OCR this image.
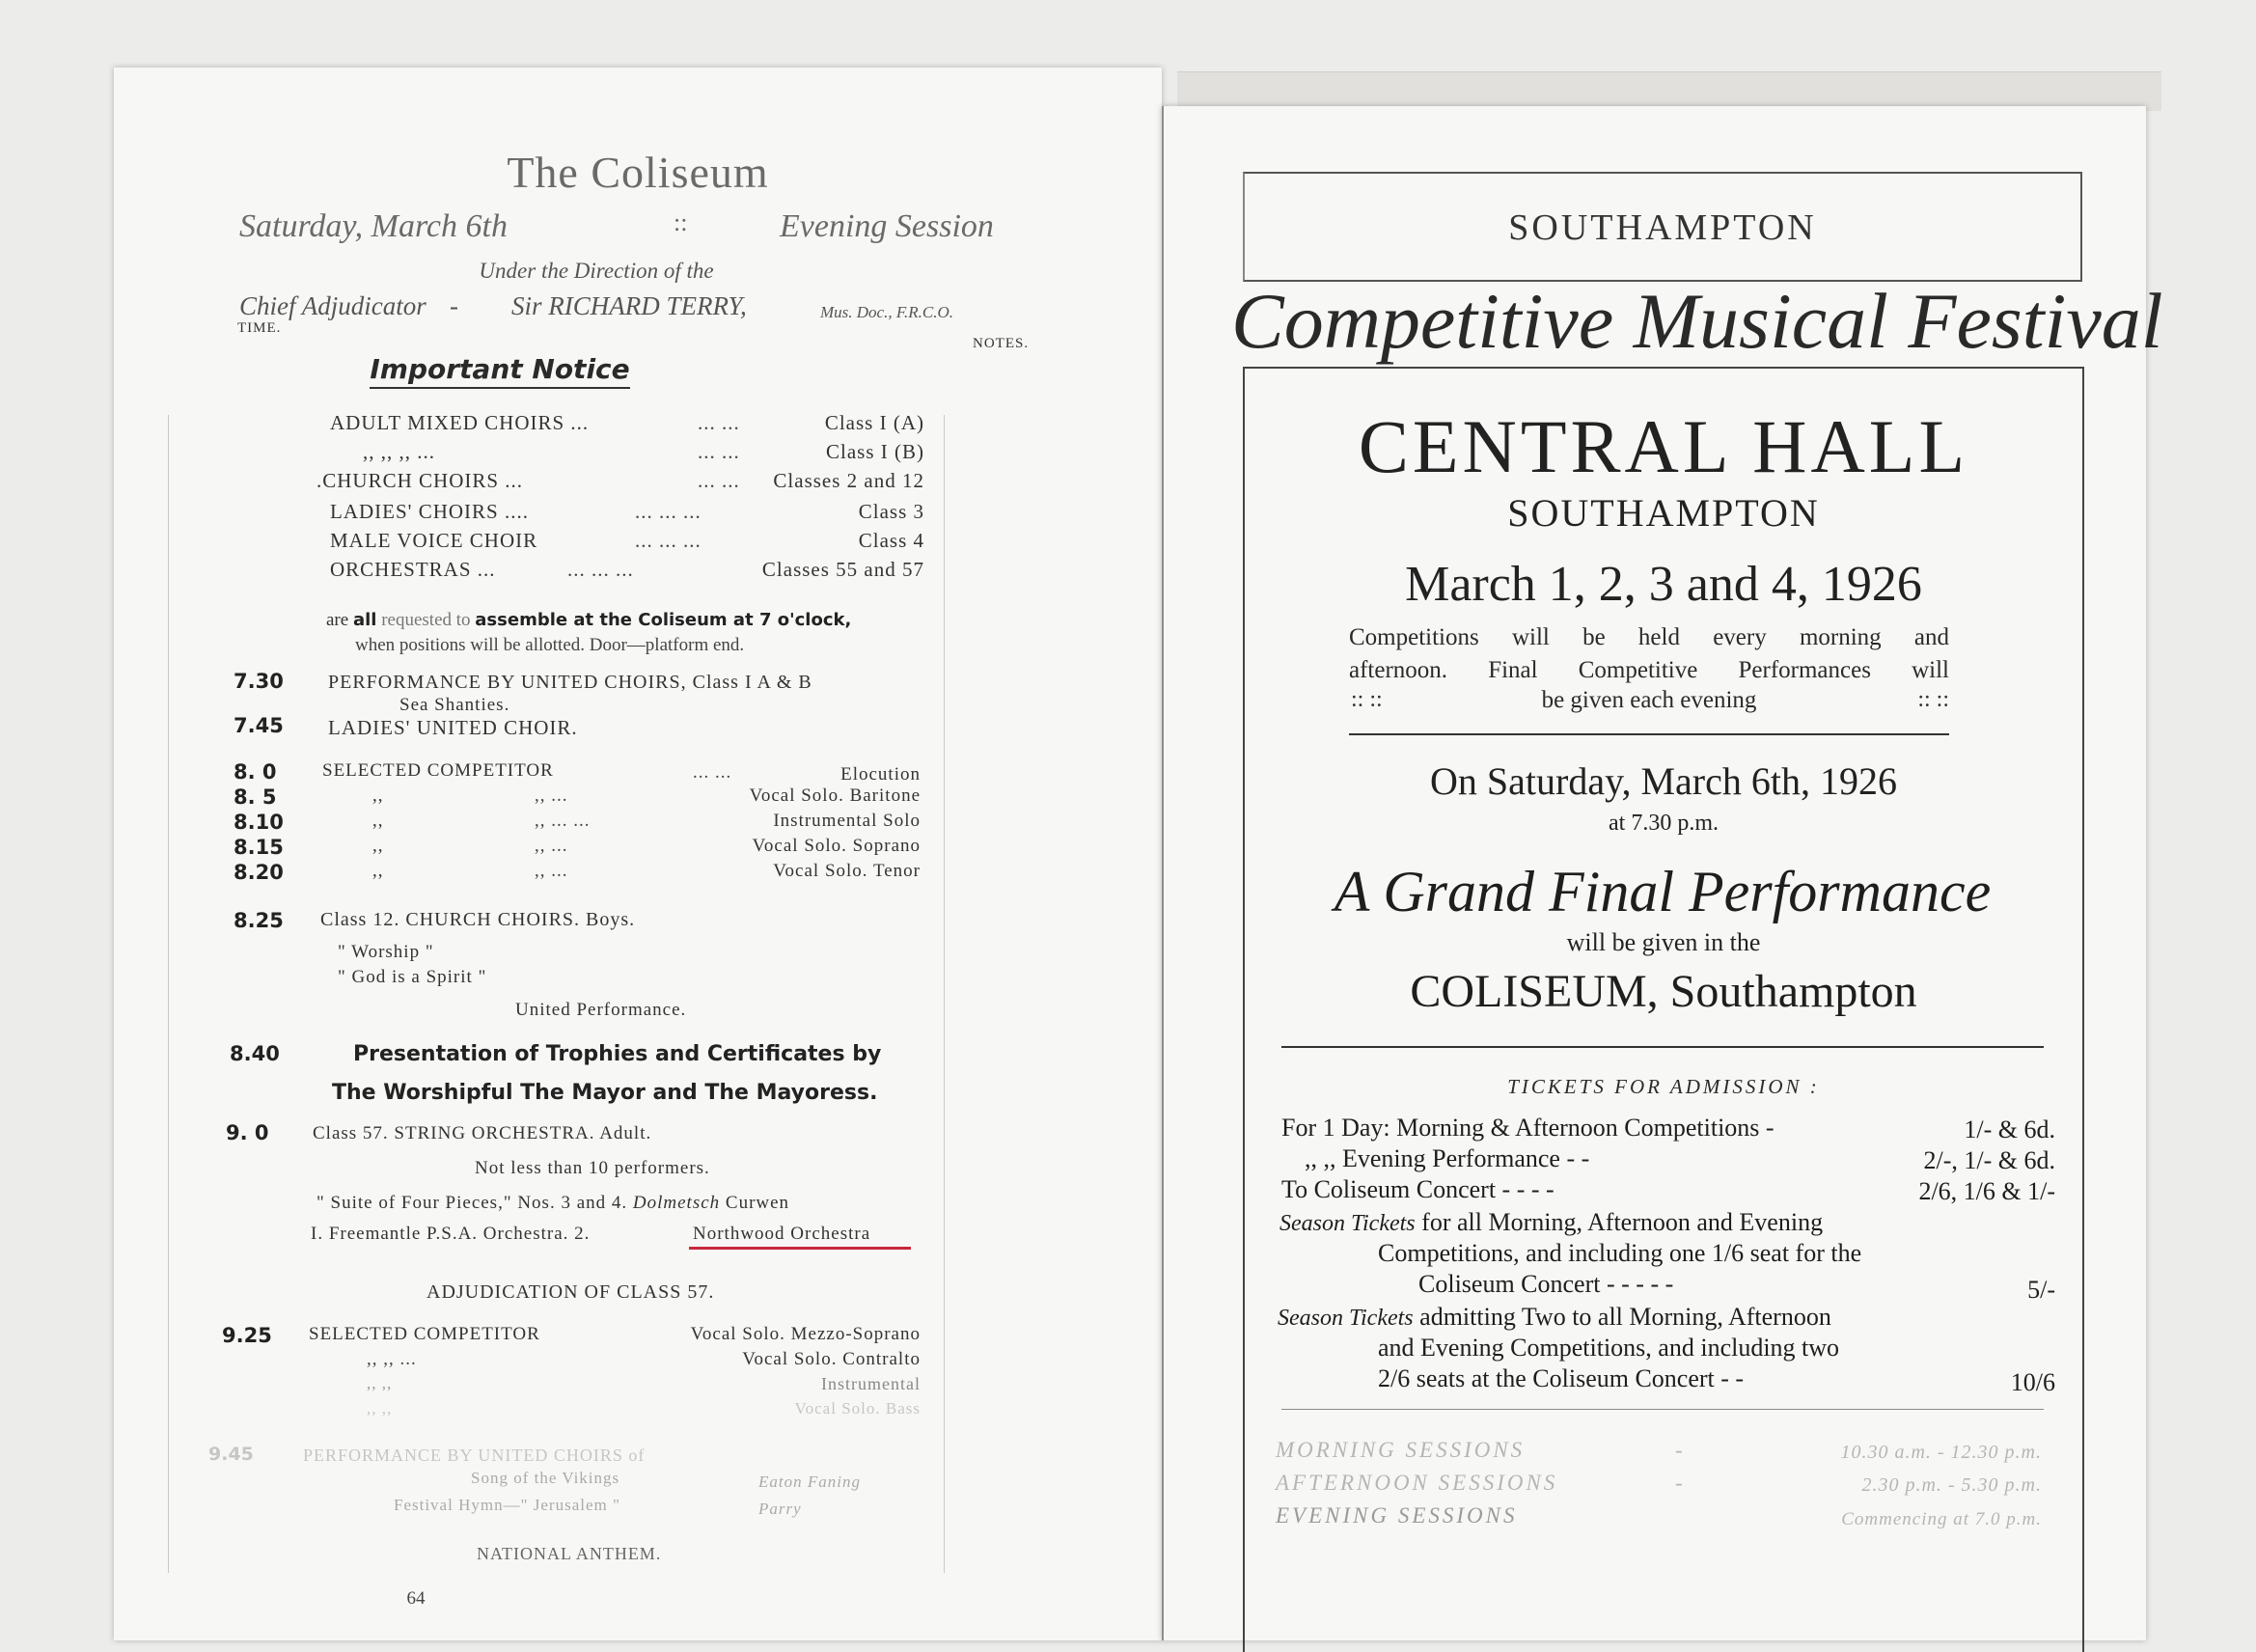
The Coliseum
Saturday, March 6th	::	Evening Session
Under the Direction of the
Chief Adjudicator - Sir RICHARD TERRY,	Mus. Doc., F.R.C.O.
TIME.
NOTES.
Important Notice
ADULT MIXED CHOIRS ...	... ...	Class I (A)
,, ,, ,, ...	... ...	Class I (B)
.CHURCH CHOIRS ...	... ...	Classes 2 and 12
LADIES' CHOIRS ....	... ... ...	Class 3
MALE VOICE CHOIR	... ... ...	Class 4
ORCHESTRAS ...	... ... ...	Classes 55 and 57
are all requested to assemble at the Coliseum at 7 o'clock,
when positions will be allotted. Door—platform end.
7.30 PERFORMANCE BY UNITED CHOIRS, Class I A & B
Sea Shanties.
7.45 LADIES' UNITED CHOIR.
8. 0 SELECTED COMPETITOR	... ...	Elocution
8. 5	,,	,, ...	Vocal Solo. Baritone
8.10	,,	,, ... ...	Instrumental Solo
8.15	,,	,, ...	Vocal Solo. Soprano
8.20	,,	,, ...	Vocal Solo. Tenor
8.25 Class 12. CHURCH CHOIRS. Boys.
" Worship "
" God is a Spirit "
United Performance.
8.40	Presentation of Trophies and Certificates by
The Worshipful The Mayor and The Mayoress.
9. 0 Class 57. STRING ORCHESTRA. Adult.
Not less than 10 performers.
" Suite of Four Pieces," Nos. 3 and 4. Dolmetsch Curwen
I. Freemantle P.S.A. Orchestra. 2.	Northwood Orchestra
ADJUDICATION OF CLASS 57.
9.25 SELECTED COMPETITOR	Vocal Solo. Mezzo-Soprano
,, ,, ...	Vocal Solo. Contralto
,, ,,	Instrumental
,, ,,	Vocal Solo. Bass
9.45	PERFORMANCE BY UNITED CHOIRS of
Song of the Vikings	Eaton Faning
Festival Hymn—" Jerusalem "	Parry
NATIONAL ANTHEM.
64
SOUTHAMPTON
Competitive Musical Festival
CENTRAL HALL
SOUTHAMPTON
March 1, 2, 3 and 4, 1926
Competitions will be held every morning and
afternoon. Final Competitive Performances will
:: ::	be given each evening	:: ::
On Saturday, March 6th, 1926
at 7.30 p.m.
A Grand Final Performance
will be given in the
COLISEUM, Southampton
TICKETS FOR ADMISSION :
For 1 Day: Morning & Afternoon Competitions -	1/- & 6d.
,, ,, Evening Performance - -	2/-, 1/- & 6d.
To Coliseum Concert - - - -	2/6, 1/6 & 1/-
Season Tickets for all Morning, Afternoon and Evening
Competitions, and including one 1/6 seat for the
Coliseum Concert - - - - -	5/-
Season Tickets admitting Two to all Morning, Afternoon
and Evening Competitions, and including two
2/6 seats at the Coliseum Concert - -	10/6
MORNING SESSIONS	-	10.30 a.m. - 12.30 p.m.
AFTERNOON SESSIONS	-	2.30 p.m. - 5.30 p.m.
EVENING SESSIONS	Commencing at 7.0 p.m.
